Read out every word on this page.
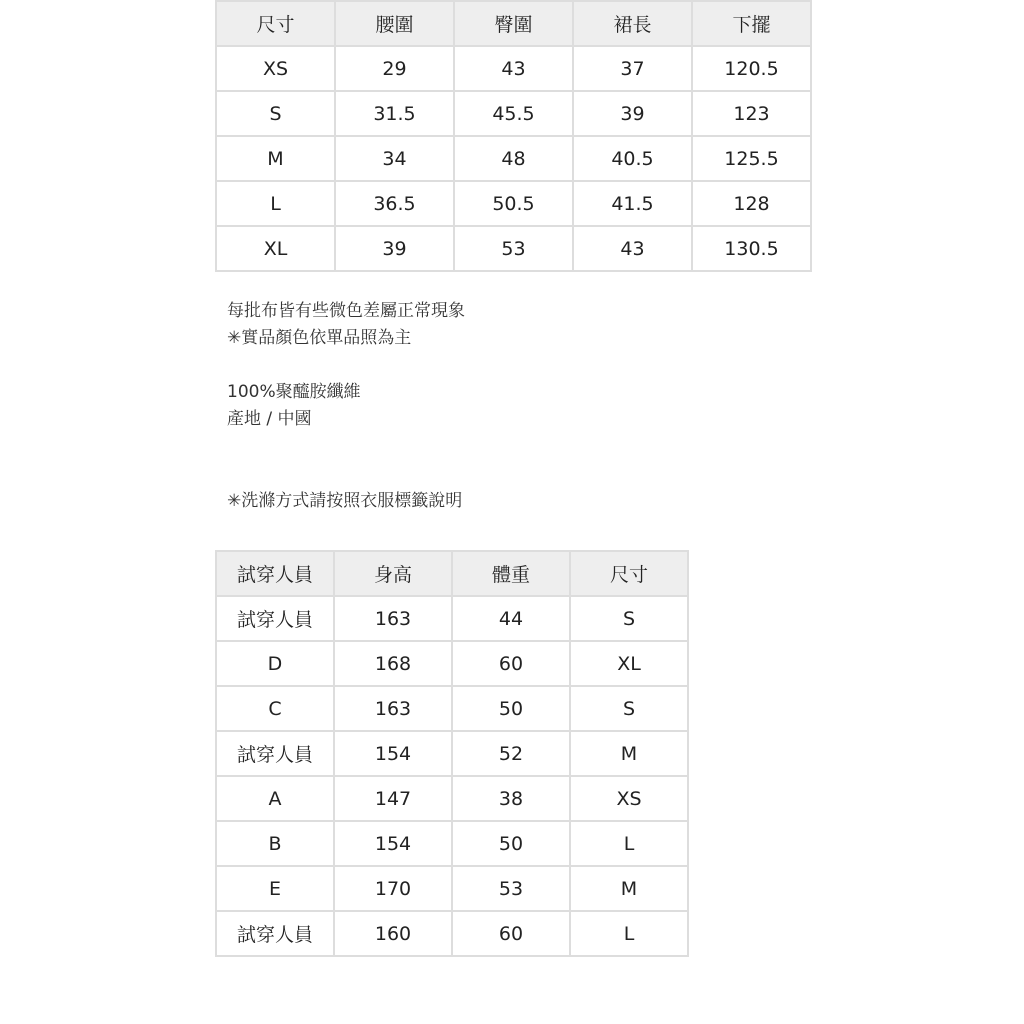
尺寸	腰圍	臀圍	裙長	下擺
XS	29	43	37	120.5
S	31.5	45.5	39	123
M	34	48	40.5	125.5
L	36.5	50.5	41.5	128
XL	39	53	43	130.5
每批布皆有些微色差屬正常現象
✳實品顏色依單品照為主
100%聚醯胺纖維
產地 / 中國
✳洗滌方式請按照衣服標籤說明
試穿人員	身高	體重	尺寸
試穿人員	163	44	S
D	168	60	XL
C	163	50	S
試穿人員	154	52	M
A	147	38	XS
B	154	50	L
E	170	53	M
試穿人員	160	60	L
